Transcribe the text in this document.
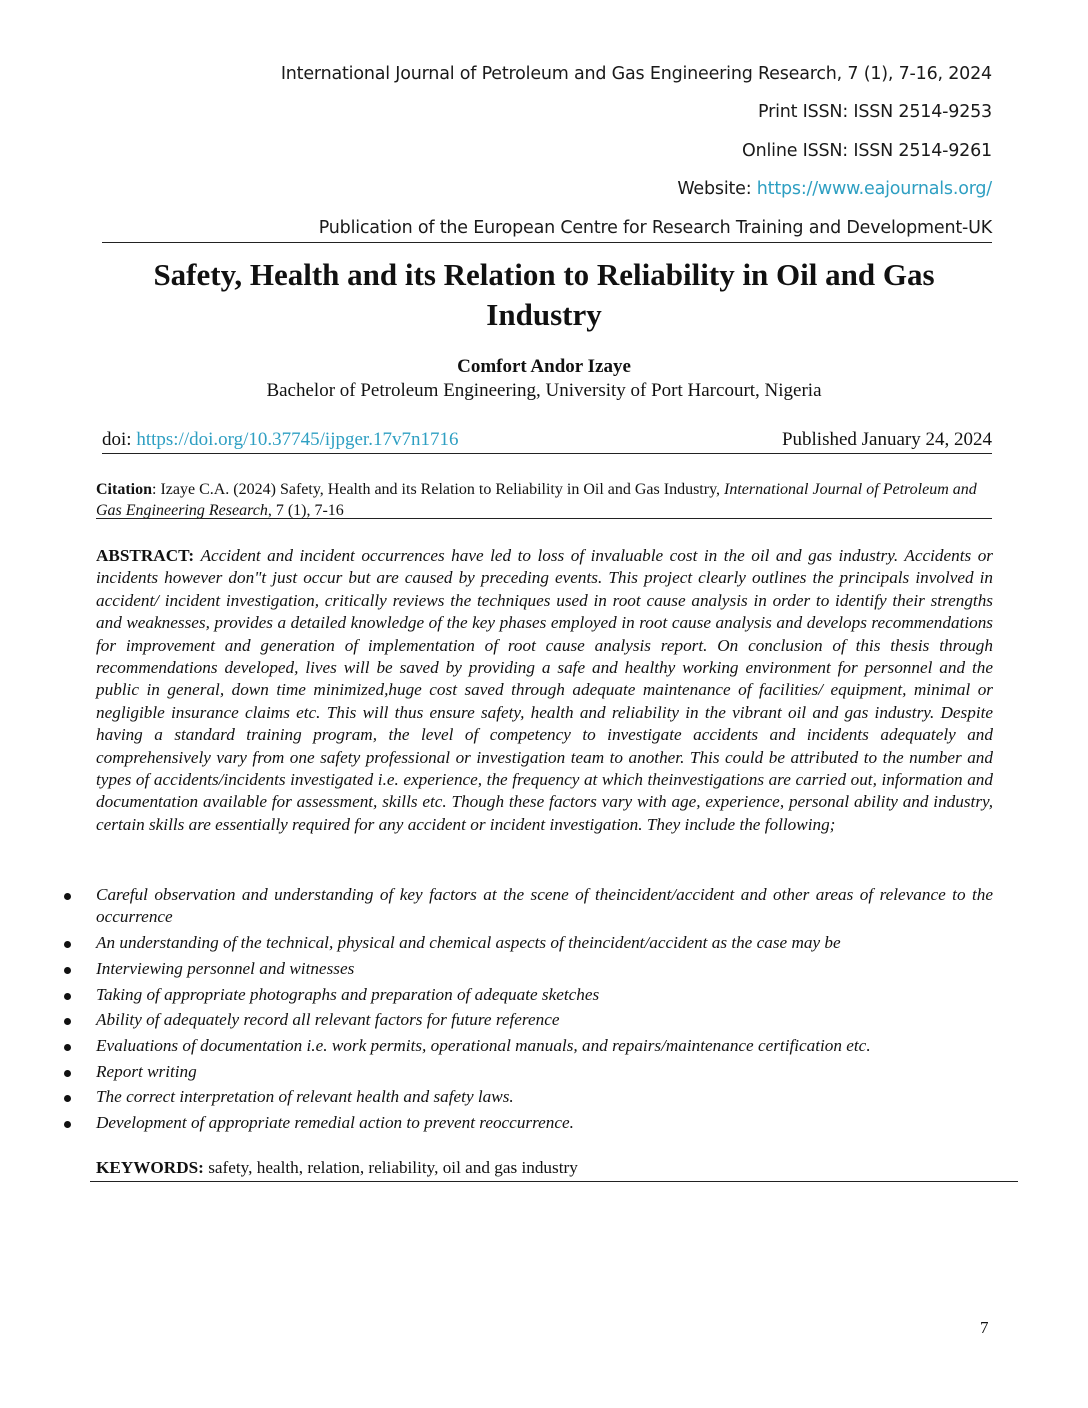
International Journal of Petroleum and Gas Engineering Research, 7 (1), 7-16, 2024
Print ISSN: ISSN 2514-9253
Online ISSN: ISSN 2514-9261
Website: https://www.eajournals.org/
Publication of the European Centre for Research Training and Development-UK
Safety, Health and its Relation to Reliability in Oil and Gas Industry
Comfort Andor Izaye
Bachelor of Petroleum Engineering, University of Port Harcourt, Nigeria
doi: https://doi.org/10.37745/ijpger.17v7n1716	Published January 24, 2024
Citation: Izaye C.A. (2024) Safety, Health and its Relation to Reliability in Oil and Gas Industry, International Journal of Petroleum and Gas Engineering Research, 7 (1), 7-16
ABSTRACT: Accident and incident occurrences have led to loss of invaluable cost in the oil and gas industry. Accidents or incidents however don"t just occur but are caused by preceding events. This project clearly outlines the principals involved in accident/ incident investigation, critically reviews the techniques used in root cause analysis in order to identify their strengths and weaknesses, provides a detailed knowledge of the key phases employed in root cause analysis and develops recommendations for improvement and generation of implementation of root cause analysis report. On conclusion of this thesis through recommendations developed, lives will be saved by providing a safe and healthy working environment for personnel and the public in general, down time minimized,huge cost saved through adequate maintenance of facilities/ equipment, minimal or negligible insurance claims etc. This will thus ensure safety, health and reliability in the vibrant oil and gas industry. Despite having a standard training program, the level of competency to investigate accidents and incidents adequately and comprehensively vary from one safety professional or investigation team to another. This could be attributed to the number and types of accidents/incidents investigated i.e. experience, the frequency at which theinvestigations are carried out, information and documentation available for assessment, skills etc. Though these factors vary with age, experience, personal ability and industry, certain skills are essentially required for any accident or incident investigation. They include the following;
Careful observation and understanding of key factors at the scene of theincident/accident and other areas of relevance to the occurrence
An understanding of the technical, physical and chemical aspects of theincident/accident as the case may be
Interviewing personnel and witnesses
Taking of appropriate photographs and preparation of adequate sketches
Ability of adequately record all relevant factors for future reference
Evaluations of documentation i.e. work permits, operational manuals, and repairs/maintenance certification etc.
Report writing
The correct interpretation of relevant health and safety laws.
Development of appropriate remedial action to prevent reoccurrence.
KEYWORDS: safety, health, relation, reliability, oil and gas industry
7
